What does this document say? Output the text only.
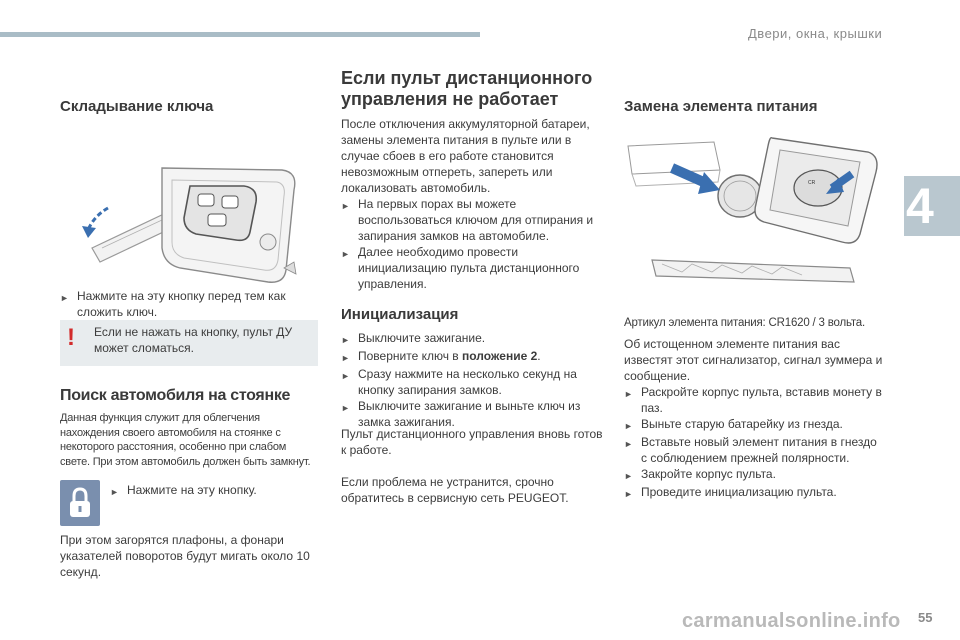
Двери, окна, крышки
4
carmanualsonline.info 55
Складывание ключа
► Нажмите на эту кнопку перед тем как сложить ключ.
!	Если не нажать на кнопку, пульт ДУ может сломаться.
Поиск автомобиля на стоянке
Данная функция служит для облегчения нахождения своего автомобиля на стоянке с некоторого расстояния, особенно при слабом свете. При этом автомобиль должен быть замкнут.
► Нажмите на эту кнопку.
При этом загорятся плафоны, а фонари указателей поворотов будут мигать около 10 секунд.
Если пульт дистанционного
управления не работает
После отключения аккумуляторной батареи, замены элемента питания в пульте или в случае сбоев в его работе становится невозможным отпереть, запереть или локализовать автомобиль.
► На первых порах вы можете воспользоваться ключом для отпирания и запирания замков на автомобиле.
► Далее необходимо провести инициализацию пульта дистанционного управления.
Инициализация
► Выключите зажигание.
► Поверните ключ в положение 2.
► Сразу нажмите на несколько секунд на кнопку запирания замков.
► Выключите зажигание и выньте ключ из замка зажигания.
Пульт дистанционного управления вновь готов к работе.
Если проблема не устранится, срочно обратитесь в сервисную сеть PEUGEOT.
Замена элемента питания
CR
Артикул элемента питания: CR1620 / 3 вольта.
Об истощенном элементе питания вас известят этот сигнализатор, сигнал зуммера и сообщение.
► Раскройте корпус пульта, вставив монету в паз.
► Выньте старую батарейку из гнезда.
► Вставьте новый элемент питания в гнездо с соблюдением прежней полярности.
► Закройте корпус пульта.
► Проведите инициализацию пульта.
